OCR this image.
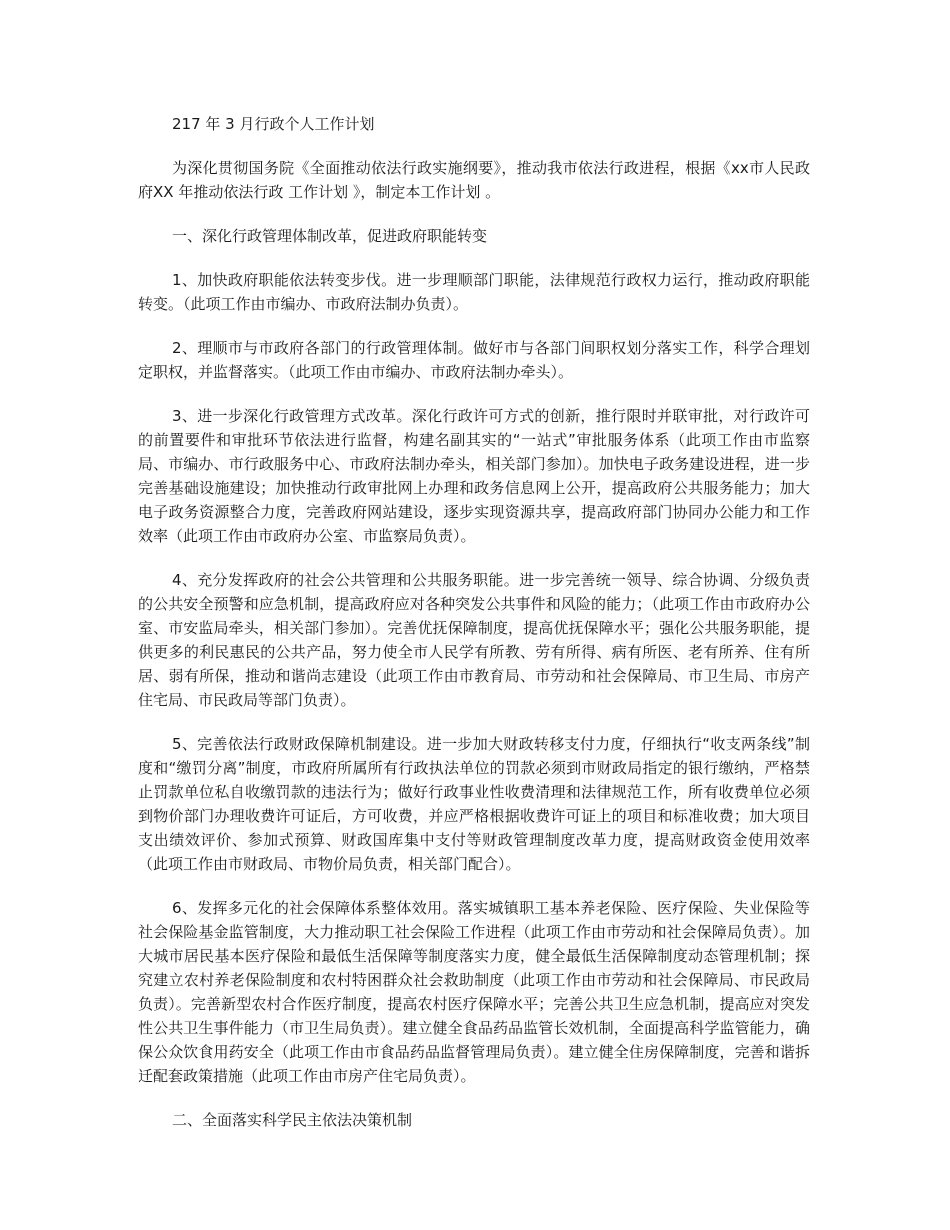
217 年 3 月行政个人工作计划

为深化贯彻国务院《全面推动依法行政实施纲要》，推动我市依法行政进程，根据《xx市人民政府XX 年推动依法行政 工作计划 》，制定本工作计划 。

一、深化行政管理体制改革，促进政府职能转变

1、加快政府职能依法转变步伐。进一步理顺部门职能，法律规范行政权力运行，推动政府职能转变。（此项工作由市编办、市政府法制办负责）。

2、理顺市与市政府各部门的行政管理体制。做好市与各部门间职权划分落实工作，科学合理划定职权，并监督落实。（此项工作由市编办、市政府法制办牵头）。

3、进一步深化行政管理方式改革。深化行政许可方式的创新，推行限时并联审批，对行政许可的前置要件和审批环节依法进行监督，构建名副其实的“一站式”审批服务体系（此项工作由市监察局、市编办、市行政服务中心、市政府法制办牵头，相关部门参加）。加快电子政务建设进程，进一步完善基础设施建设；加快推动行政审批网上办理和政务信息网上公开，提高政府公共服务能力；加大电子政务资源整合力度，完善政府网站建设，逐步实现资源共享，提高政府部门协同办公能力和工作效率（此项工作由市政府办公室、市监察局负责）。

4、充分发挥政府的社会公共管理和公共服务职能。进一步完善统一领导、综合协调、分级负责的公共安全预警和应急机制，提高政府应对各种突发公共事件和风险的能力；（此项工作由市政府办公室、市安监局牵头，相关部门参加）。完善优抚保障制度，提高优抚保障水平；强化公共服务职能，提供更多的利民惠民的公共产品，努力使全市人民学有所教、劳有所得、病有所医、老有所养、住有所居、弱有所保，推动和谐尚志建设（此项工作由市教育局、市劳动和社会保障局、市卫生局、市房产住宅局、市民政局等部门负责）。

5、完善依法行政财政保障机制建设。进一步加大财政转移支付力度，仔细执行“收支两条线”制度和“缴罚分离”制度，市政府所属所有行政执法单位的罚款必须到市财政局指定的银行缴纳，严格禁止罚款单位私自收缴罚款的违法行为；做好行政事业性收费清理和法律规范工作，所有收费单位必须到物价部门办理收费许可证后，方可收费，并应严格根据收费许可证上的项目和标准收费；加大项目支出绩效评价、参加式预算、财政国库集中支付等财政管理制度改革力度，提高财政资金使用效率（此项工作由市财政局、市物价局负责，相关部门配合）。

6、发挥多元化的社会保障体系整体效用。落实城镇职工基本养老保险、医疗保险、失业保险等社会保险基金监管制度，大力推动职工社会保险工作进程（此项工作由市劳动和社会保障局负责）。加大城市居民基本医疗保险和最低生活保障等制度落实力度，健全最低生活保障制度动态管理机制；探究建立农村养老保险制度和农村特困群众社会救助制度（此项工作由市劳动和社会保障局、市民政局负责）。完善新型农村合作医疗制度，提高农村医疗保障水平；完善公共卫生应急机制，提高应对突发性公共卫生事件能力（市卫生局负责）。建立健全食品药品监管长效机制，全面提高科学监管能力，确保公众饮食用药安全（此项工作由市食品药品监督管理局负责）。建立健全住房保障制度，完善和谐拆迁配套政策措施（此项工作由市房产住宅局负责）。

二、全面落实科学民主依法决策机制
